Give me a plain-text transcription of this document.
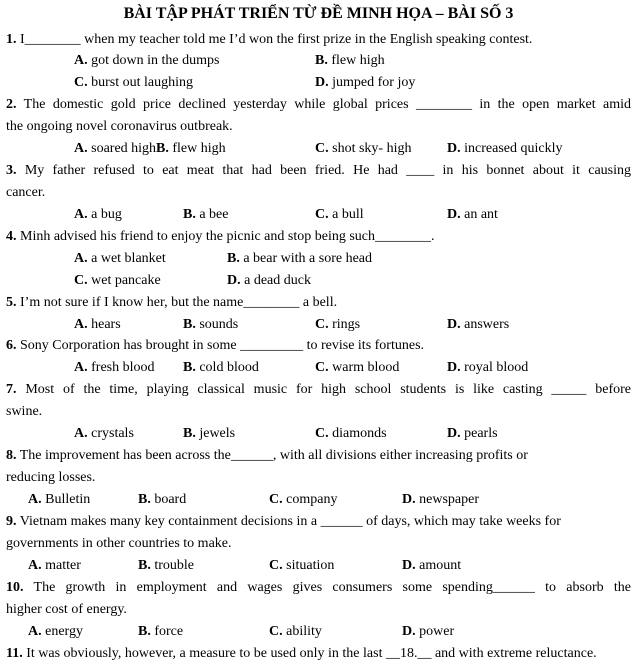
BÀI TẬP PHÁT TRIỂN TỪ ĐỀ MINH HỌA – BÀI SỐ 3
1. I________ when my teacher told me I’d won the first prize in the English speaking contest.
A. got down in the dumps	B. flew high
C. burst out laughing	D. jumped for joy
2. The domestic gold price declined yesterday while global prices ________ in the open market amid
the ongoing novel coronavirus outbreak.
A. soared high B. flew high	C. shot sky- high	D. increased quickly
3. My father refused to eat meat that had been fried. He had ____ in his bonnet about it causing
cancer.
A. a bug	B. a bee	C. a bull	D. an ant
4. Minh advised his friend to enjoy the picnic and stop being such________.
A. a wet blanket	B. a bear with a sore head
C. wet pancake	D. a dead duck
5. I’m not sure if I know her, but the name________ a bell.
A. hears	B. sounds	C. rings	D. answers
6. Sony Corporation has brought in some _________ to revise its fortunes.
A. fresh blood B. cold blood	C. warm blood	D. royal blood
7. Most of the time, playing classical music for high school students is like casting _____ before
swine.
A. crystals	B. jewels	C. diamonds	D. pearls
8. The improvement has been across the______, with all divisions either increasing profits or
reducing losses.
A. Bulletin	B. board	C. company	D. newspaper
9. Vietnam makes many key containment decisions in a ______ of days, which may take weeks for
governments in other countries to make.
A. matter	B. trouble	C. situation	D. amount
10. The growth in employment and wages gives consumers some spending______ to absorb the
higher cost of energy.
A. energy	B. force	C. ability	D. power
11. It was obviously, however, a measure to be used only in the last __18.__ and with extreme reluctance.
